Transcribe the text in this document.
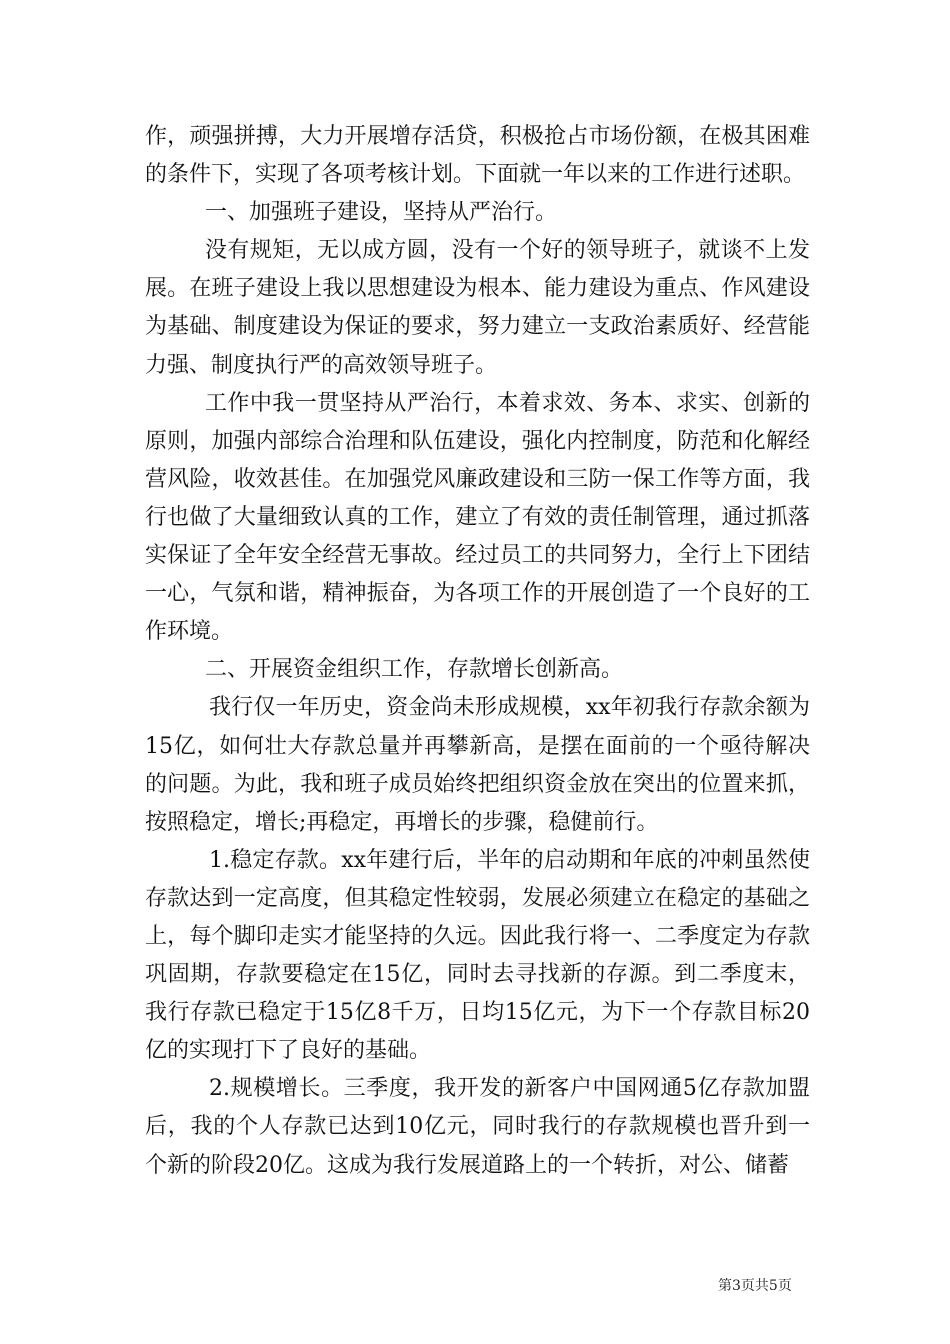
作，顽强拼搏，大力开展增存活贷，积极抢占市场份额，在极其困难的条件下，实现了各项考核计划。下面就一年以来的工作进行述职。

一、加强班子建设，坚持从严治行。

没有规矩，无以成方圆，没有一个好的领导班子，就谈不上发展。在班子建设上我以思想建设为根本、能力建设为重点、作风建设为基础、制度建设为保证的要求，努力建立一支政治素质好、经营能力强、制度执行严的高效领导班子。

工作中我一贯坚持从严治行，本着求效、务本、求实、创新的原则，加强内部综合治理和队伍建设，强化内控制度，防范和化解经营风险，收效甚佳。在加强党风廉政建设和三防一保工作等方面，我行也做了大量细致认真的工作，建立了有效的责任制管理，通过抓落实保证了全年安全经营无事故。经过员工的共同努力，全行上下团结一心，气氛和谐，精神振奋，为各项工作的开展创造了一个良好的工作环境。

二、开展资金组织工作，存款增长创新高。

我行仅一年历史，资金尚未形成规模，xx年初我行存款余额为15亿，如何壮大存款总量并再攀新高，是摆在面前的一个亟待解决的问题。为此，我和班子成员始终把组织资金放在突出的位置来抓，按照稳定，增长;再稳定，再增长的步骤，稳健前行。

1.稳定存款。xx年建行后，半年的启动期和年底的冲刺虽然使存款达到一定高度，但其稳定性较弱，发展必须建立在稳定的基础之上，每个脚印走实才能坚持的久远。因此我行将一、二季度定为存款巩固期，存款要稳定在15亿，同时去寻找新的存源。到二季度末，我行存款已稳定于15亿8千万，日均15亿元，为下一个存款目标20亿的实现打下了良好的基础。

2.规模增长。三季度，我开发的新客户中国网通5亿存款加盟后，我的个人存款已达到10亿元，同时我行的存款规模也晋升到一个新的阶段20亿。这成为我行发展道路上的一个转折，对公、储蓄

第3页共5页
